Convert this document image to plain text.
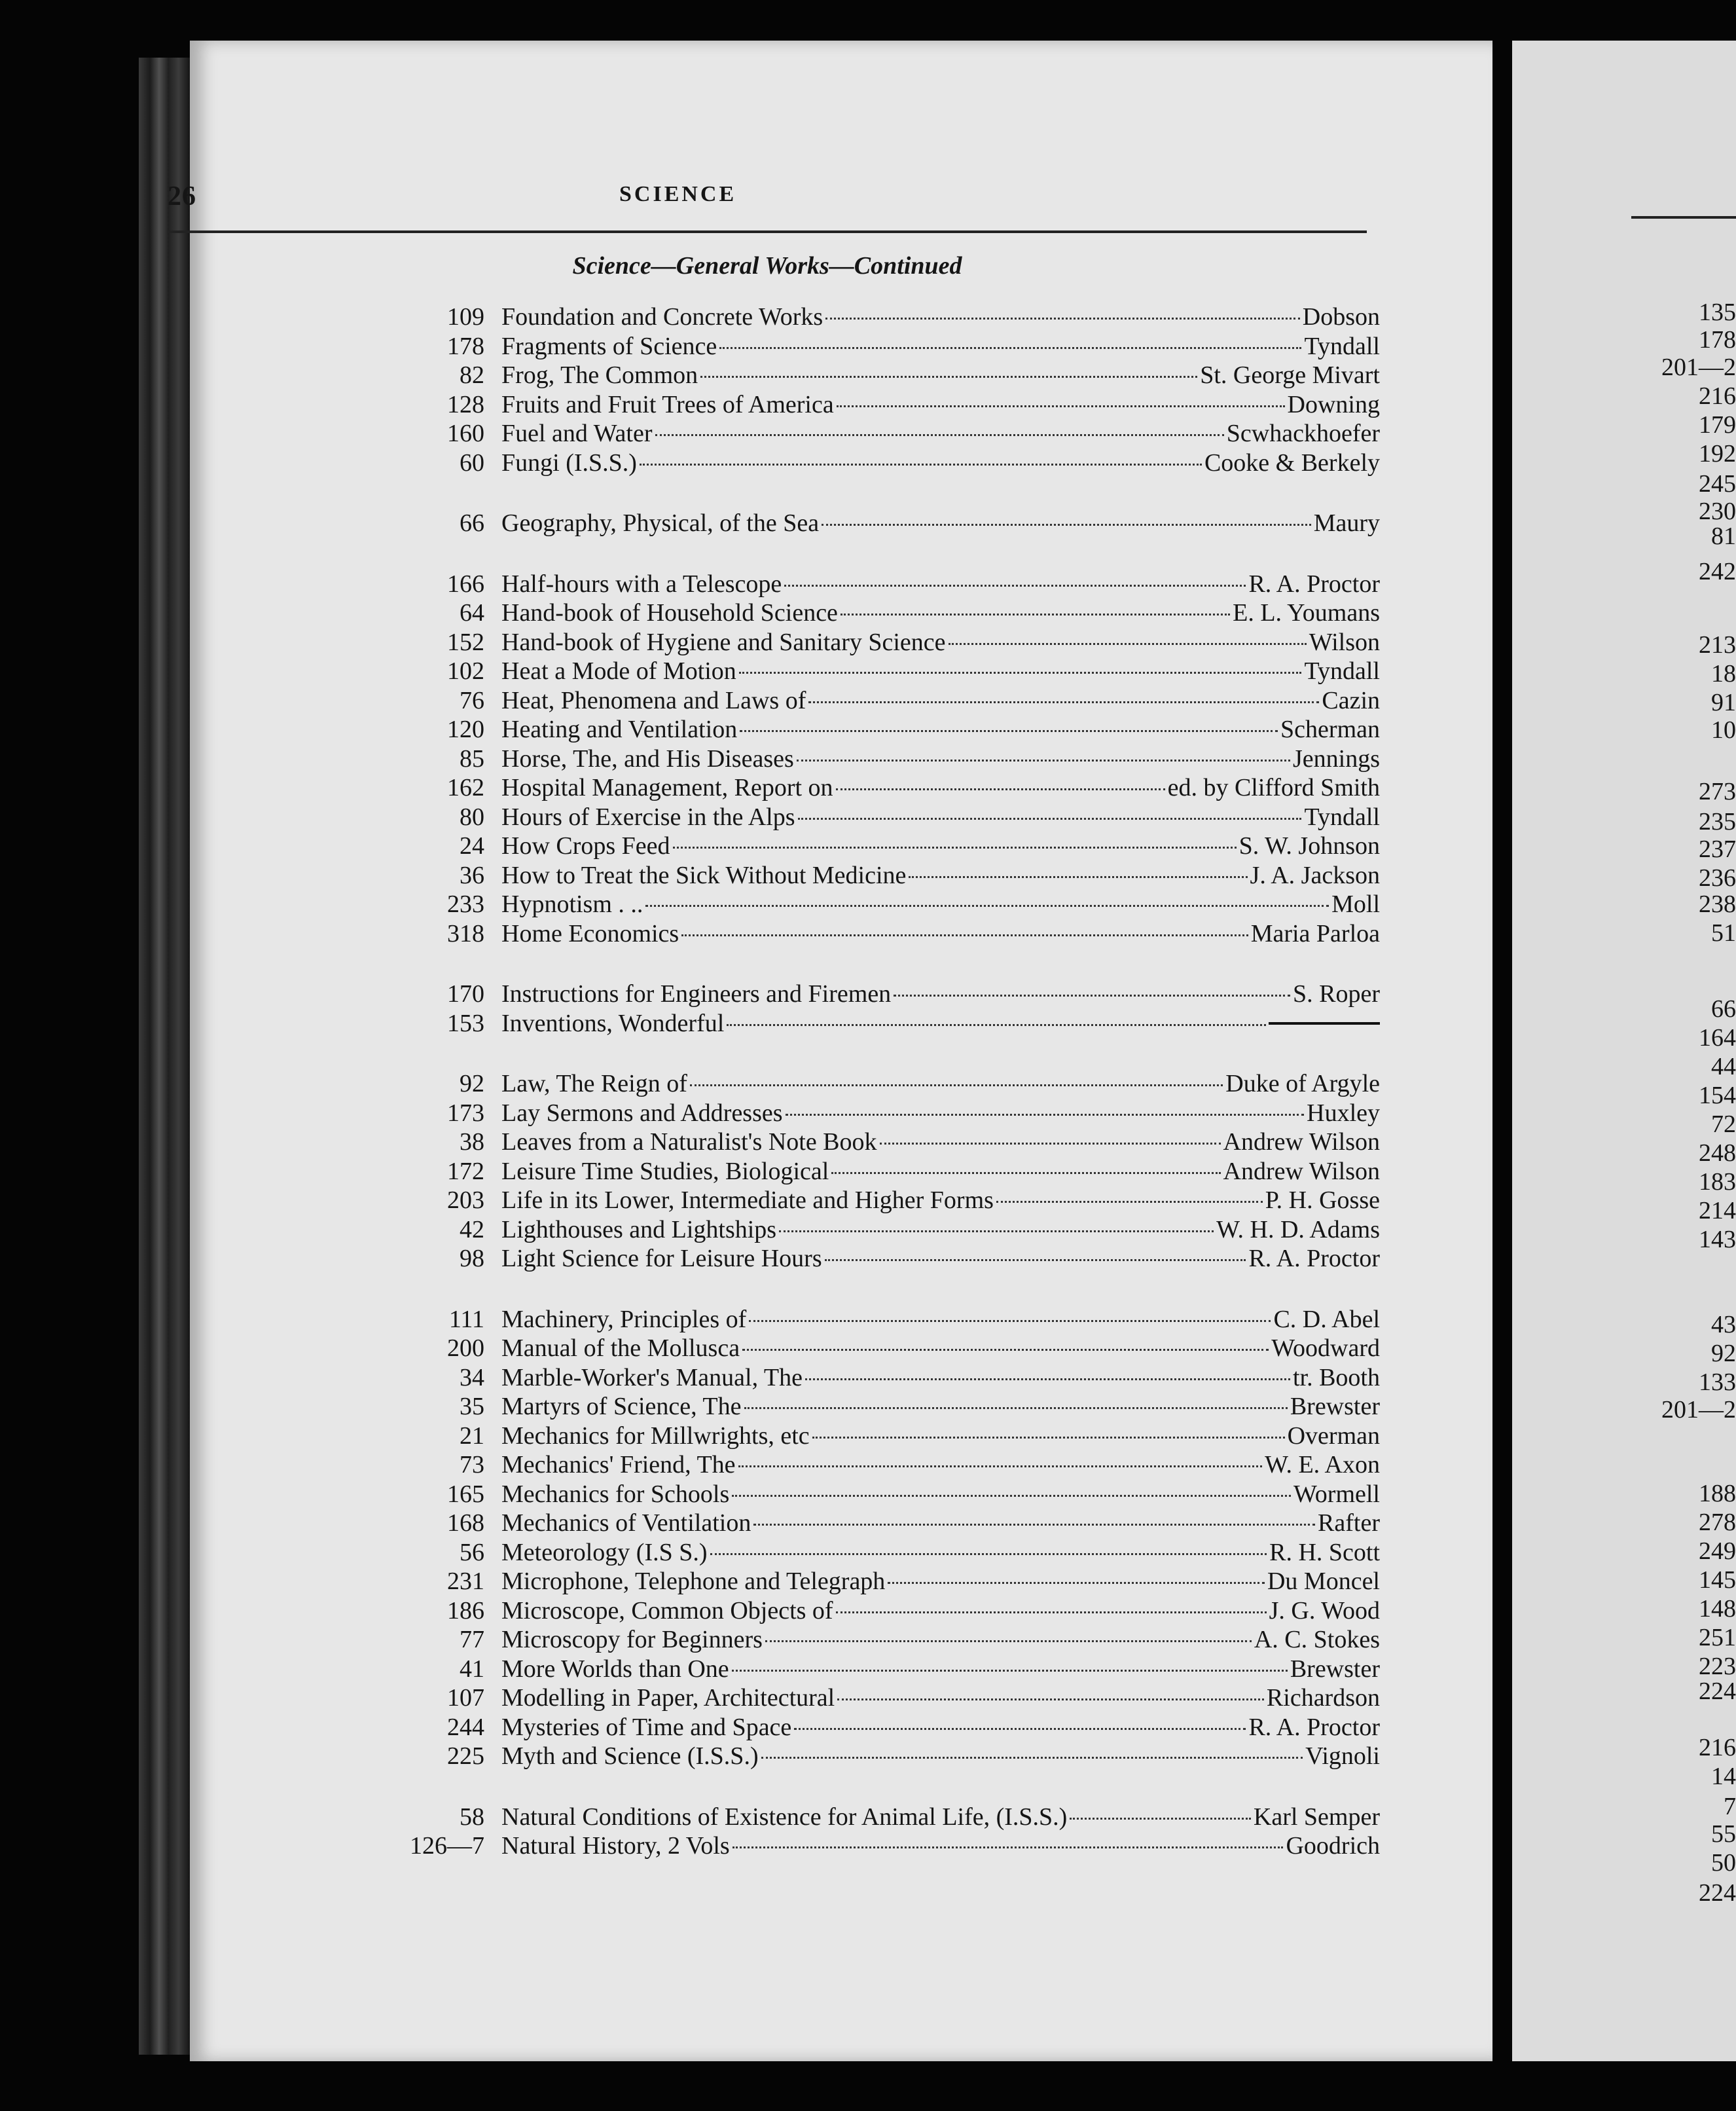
26	SCIENCE
Science—General Works—Continued
109 Foundation and Concrete Works	Dobson
178 Fragments of Science	Tyndall
82 Frog, The Common	St. George Mivart
128 Fruits and Fruit Trees of America	Downing
160 Fuel and Water	Scwhackhoefer
60 Fungi (I.S.S.)	Cooke & Berkely
66 Geography, Physical, of the Sea	Maury
166 Half-hours with a Telescope	R. A. Proctor
64 Hand-book of Household Science	E. L. Youmans
152 Hand-book of Hygiene and Sanitary Science	Wilson
102 Heat a Mode of Motion	Tyndall
76 Heat, Phenomena and Laws of	Cazin
120 Heating and Ventilation	Scherman
85 Horse, The, and His Diseases	Jennings
162 Hospital Management, Report on	ed. by Clifford Smith
80 Hours of Exercise in the Alps	Tyndall
24 How Crops Feed	S. W. Johnson
36 How to Treat the Sick Without Medicine	J. A. Jackson
233 Hypnotism . ..	Moll
318 Home Economics	Maria Parloa
170 Instructions for Engineers and Firemen	S. Roper
153 Inventions, Wonderful
92 Law, The Reign of	Duke of Argyle
173 Lay Sermons and Addresses	Huxley
38 Leaves from a Naturalist's Note Book	Andrew Wilson
172 Leisure Time Studies, Biological	Andrew Wilson
203 Life in its Lower, Intermediate and Higher Forms	P. H. Gosse
42 Lighthouses and Lightships	W. H. D. Adams
98 Light Science for Leisure Hours	R. A. Proctor
111 Machinery, Principles of	C. D. Abel
200 Manual of the Mollusca	Woodward
34 Marble-Worker's Manual, The	tr. Booth
35 Martyrs of Science, The	Brewster
21 Mechanics for Millwrights, etc	Overman
73 Mechanics' Friend, The	W. E. Axon
165 Mechanics for Schools	Wormell
168 Mechanics of Ventilation	Rafter
56 Meteorology (I.S S.)	R. H. Scott
231 Microphone, Telephone and Telegraph	Du Moncel
186 Microscope, Common Objects of	J. G. Wood
77 Microscopy for Beginners	A. C. Stokes
41 More Worlds than One	Brewster
107 Modelling in Paper, Architectural	Richardson
244 Mysteries of Time and Space	R. A. Proctor
225 Myth and Science (I.S.S.)	Vignoli
58 Natural Conditions of Existence for Animal Life, (I.S.S.)	Karl Semper
126—7 Natural History, 2 Vols	Goodrich
135
178
201—2
216
179
192
245
230
81
242
213
18
91
10
273
235
237
236
238
51
66
164
44
154
72
248
183
214
143
43
92
133
201—2
188
278
249
145
148
251
223
224
216
14
7
55
50
224
